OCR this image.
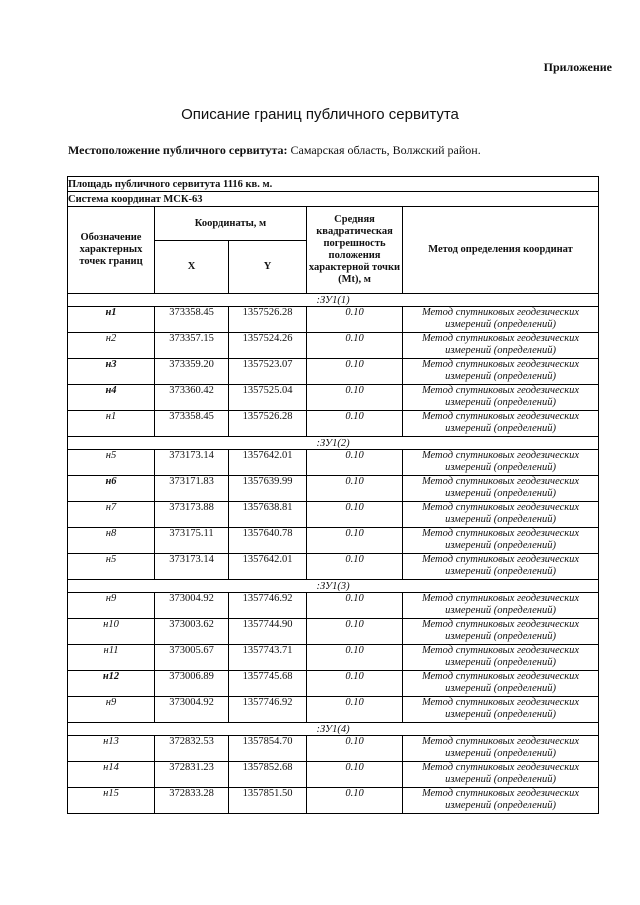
Приложение
Описание границ публичного сервитута
Местоположение публичного сервитута: Самарская область, Волжский район.
Площадь публичного сервитута 1116 кв. м.				
Система координат МСК-63				
Обозначение характерных точек границ	Координаты, м		Средняя квадратическая погрешность положения характерной точки (Mt), м	Метод определения координат
	X	Y		
:ЗУ1(1)				
н1	373358.45	1357526.28	0.10	Метод спутниковых геодезических
измерений (определений)

н2	373357.15	1357524.26	0.10	Метод спутниковых геодезических
измерений (определений)

н3	373359.20	1357523.07	0.10	Метод спутниковых геодезических
измерений (определений)

н4	373360.42	1357525.04	0.10	Метод спутниковых геодезических
измерений (определений)

н1	373358.45	1357526.28	0.10	Метод спутниковых геодезических
измерений (определений)

:ЗУ1(2)				
н5	373173.14	1357642.01	0.10	Метод спутниковых геодезических
измерений (определений)

н6	373171.83	1357639.99	0.10	Метод спутниковых геодезических
измерений (определений)

н7	373173.88	1357638.81	0.10	Метод спутниковых геодезических
измерений (определений)

н8	373175.11	1357640.78	0.10	Метод спутниковых геодезических
измерений (определений)

н5	373173.14	1357642.01	0.10	Метод спутниковых геодезических
измерений (определений)

:ЗУ1(3)				
н9	373004.92	1357746.92	0.10	Метод спутниковых геодезических
измерений (определений)

н10	373003.62	1357744.90	0.10	Метод спутниковых геодезических
измерений (определений)

н11	373005.67	1357743.71	0.10	Метод спутниковых геодезических
измерений (определений)

н12	373006.89	1357745.68	0.10	Метод спутниковых геодезических
измерений (определений)

н9	373004.92	1357746.92	0.10	Метод спутниковых геодезических
измерений (определений)

:ЗУ1(4)				
н13	372832.53	1357854.70	0.10	Метод спутниковых геодезических
измерений (определений)

н14	372831.23	1357852.68	0.10	Метод спутниковых геодезических
измерений (определений)

н15	372833.28	1357851.50	0.10	Метод спутниковых геодезических
измерений (определений)
